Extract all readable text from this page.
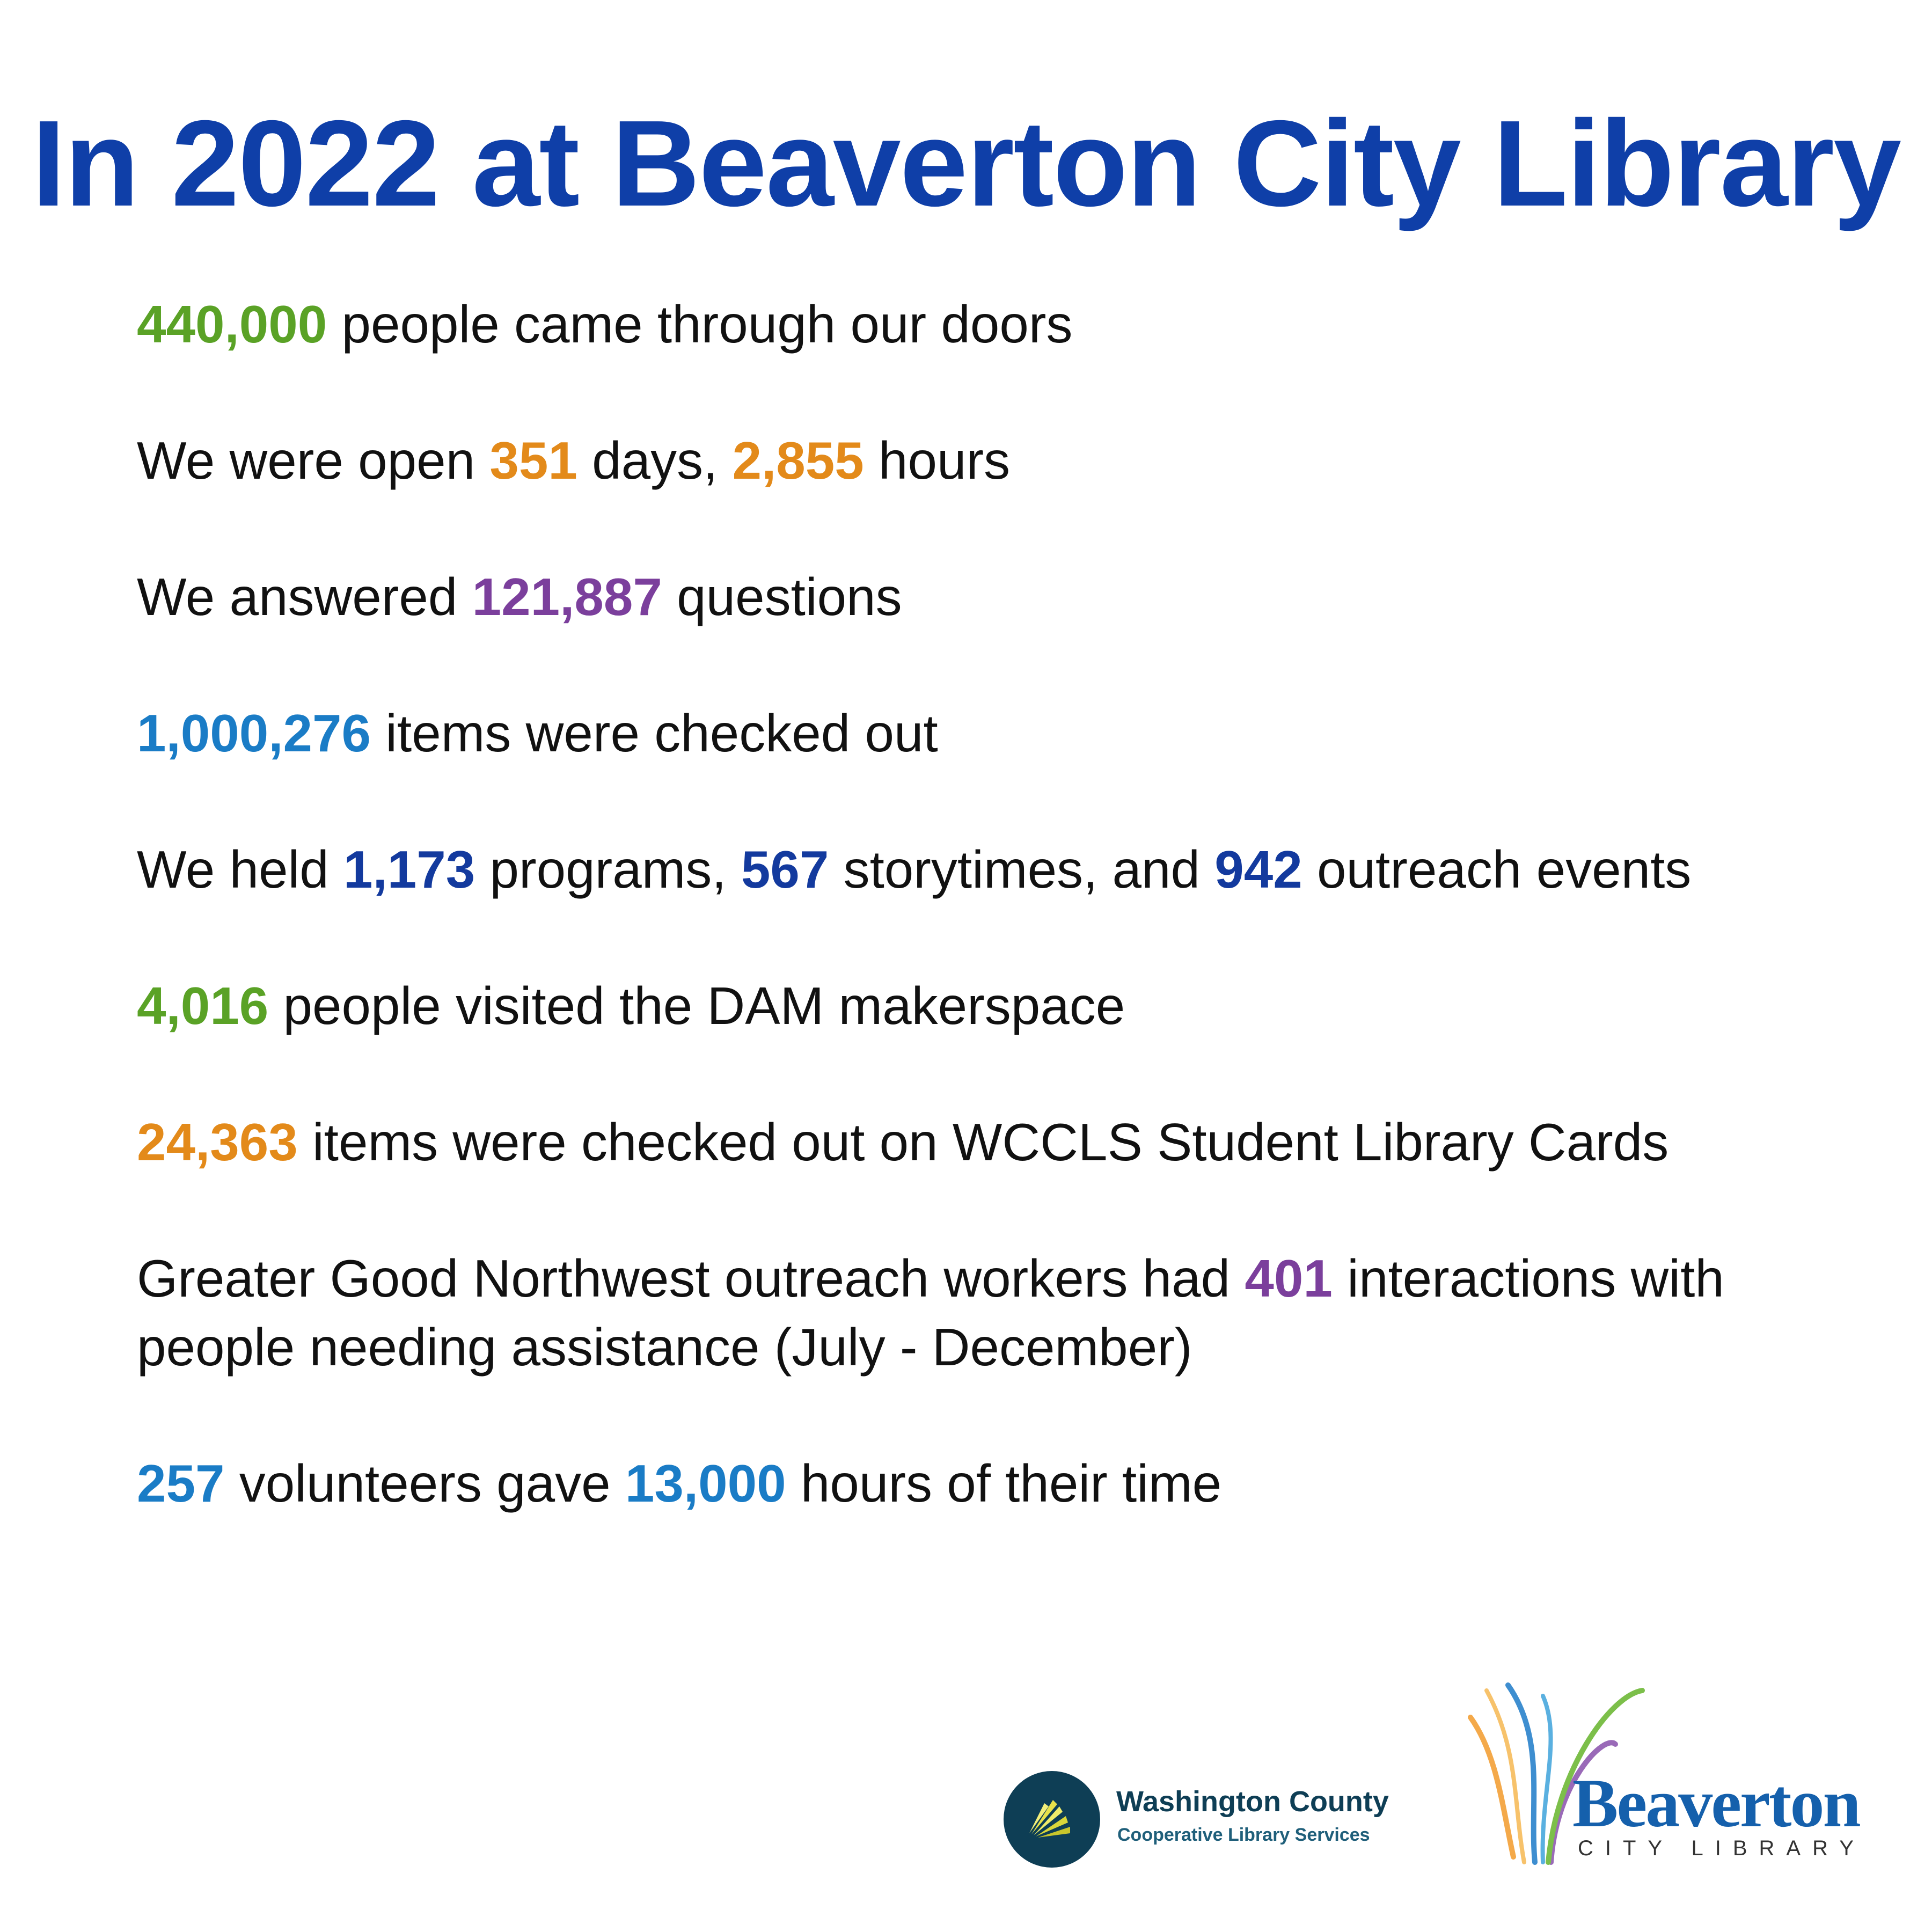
In 2022 at Beaverton City Library

440,000 people came through our doors

We were open 351 days, 2,855 hours

We answered 121,887 questions

1,000,276 items were checked out

We held 1,173 programs, 567 storytimes, and 942 outreach events

4,016 people visited the DAM makerspace

24,363 items were checked out on WCCLS Student Library Cards

Greater Good Northwest outreach workers had 401 interactions with people needing assistance (July - December)

257 volunteers gave 13,000 hours of their time

Washington County
Cooperative Library Services	Beaverton
CITY LIBRARY
